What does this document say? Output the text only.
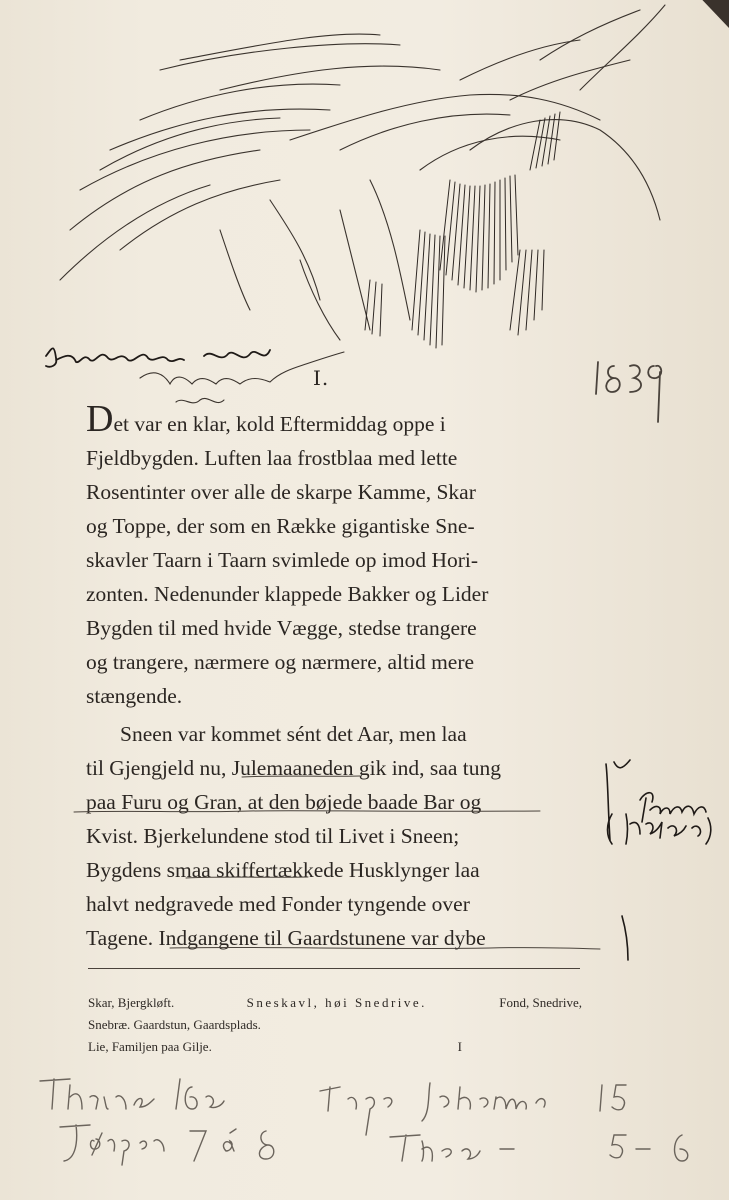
I.
Det var en klar, kold Eftermiddag oppe i
Fjeldbygden. Luften laa frostblaa med lette
Rosentinter over alle de skarpe Kamme, Skar
og Toppe, der som en Række gigantiske Sne-
skavler Taarn i Taarn svimlede op imod Hori-
zonten. Nedenunder klappede Bakker og Lider
Bygden til med hvide Vægge, stedse trangere
og trangere, nærmere og nærmere, altid mere
stængende.
Sneen var kommet sént det Aar, men laa
til Gjengjeld nu, Julemaaneden gik ind, saa tung
paa Furu og Gran, at den bøjede baade Bar og
Kvist. Bjerkelundene stod til Livet i Sneen;
Bygdens smaa skiffertækkede Husklynger laa
halvt nedgravede med Fonder tyngende over
Tagene. Indgangene til Gaardstunene var dybe
Skar, Bjergkløft.	Sneskavl, høi Snedrive.	Fond, Snedrive,
Snebræ. Gaardstun, Gaardsplads.
Lie, Familjen paa Gilje.	I
